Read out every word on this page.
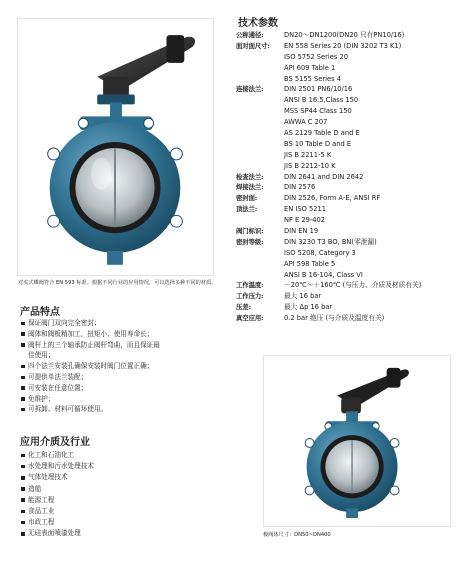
对夹式蝶阀符合 EN 593 标准。根据不同行业的应用情况，可以选择多种不同的材质。
产品特点
保证阀门双向完全密封；
阀体和阀板精加工，扭矩小、使用寿命长；
阀杆上的三个轴承防止阀杆弯曲，而且保证最
佳使用；
四个法兰安装孔确保安装时阀门位置正确；
可提供单法兰装配；
可安装在任意位置；
免维护；
可拆卸、材料可循环使用。
应用介质及行业
化工和石油化工
水处理和污水处理技术
气体处理技术
造船
能源工程
食品工业
市政工程
无硅表面喷漆处理
技术参数
公称通径:	DN20～DN1200(DN20 只有PN10/16)
面对面尺寸:	EN 558 Series 20 (DIN 3202 T3 K1)
ISO 5752 Series 20
API 609 Table 1
BS 5155 Series 4
连接法兰:	DIN 2501 PN6/10/16
ANSI B 16.5,Class 150
MSS SP44 Class 150
AWWA C 207
AS 2129 Table D and E
BS 10 Table D and E
JIS B 2211-5 K
JIS B 2212-10 K
检查法兰:	DIN 2641 and DIN 2642
焊接法兰:	DIN 2576
密封面:	DIN 2526, Form A-E, ANSI RF
顶法兰:	EN ISO 5211
NF E 29-402
阀门标识:	DIN EN 19
密封等级:	DIN 3230 T3 BO, BN(零泄漏)
ISO 5208, Category 3
API 598 Table 5
ANSI B 16-104, Class VI
工作温度:	－20℃～＋160℃ (与压力、介质及材质有关)
工作压力:	最大 16 bar
压差:	最大 Δp 16 bar
真空应用:	0.2 bar 绝压 (与介质及温度有关)
极阀体尺寸：DN50~DN400
